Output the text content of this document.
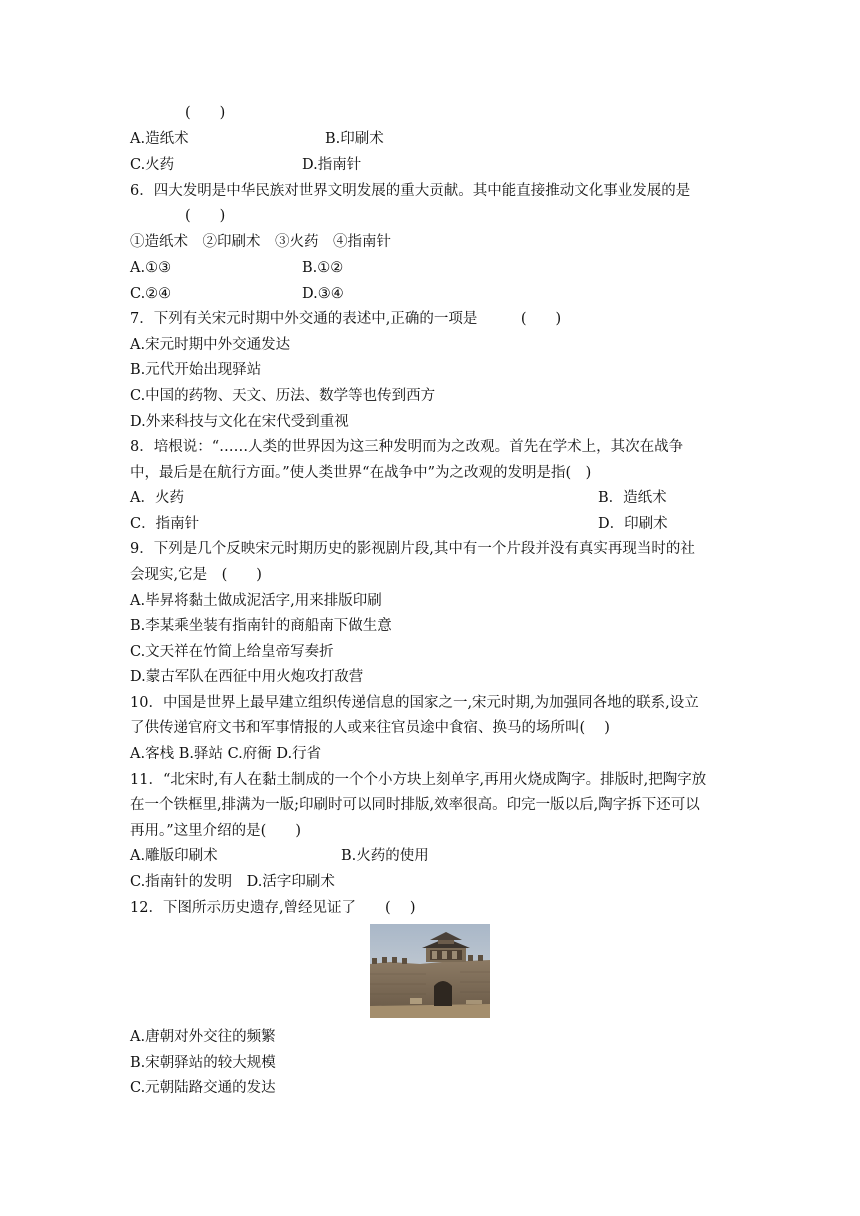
(　　)
A.造纸术	B.印刷术
C.火药	D.指南针
6．四大发明是中华民族对世界文明发展的重大贡献。其中能直接推动文化事业发展的是
(　　)
①造纸术　②印刷术　③火药　④指南针
A.①③	B.①②
C.②④	D.③④
7．下列有关宋元时期中外交通的表述中,正确的一项是　　　(　　)
A.宋元时期中外交通发达
B.元代开始出现驿站
C.中国的药物、天文、历法、数学等也传到西方
D.外来科技与文化在宋代受到重视
8．培根说：“……人类的世界因为这三种发明而为之改观。首先在学术上，其次在战争
中，最后是在航行方面。”使人类世界“在战争中”为之改观的发明是指(　)
A．火药	B．造纸术
C．指南针	D．印刷术
9．下列是几个反映宋元时期历史的影视剧片段,其中有一个片段并没有真实再现当时的社
会现实,它是　(　　)
A.毕昇将黏土做成泥活字,用来排版印刷
B.李某乘坐装有指南针的商船南下做生意
C.文天祥在竹简上给皇帝写奏折
D.蒙古军队在西征中用火炮攻打敌营
10．中国是世界上最早建立组织传递信息的国家之一,宋元时期,为加强同各地的联系,设立
了供传递官府文书和军事情报的人或来往官员途中食宿、换马的场所叫(　 )
A.客栈 B.驿站 C.府衙 D.行省
11．“北宋时,有人在黏土制成的一个个小方块上刻单字,再用火烧成陶字。排版时,把陶字放
在一个铁框里,排满为一版;印刷时可以同时排版,效率很高。印完一版以后,陶字拆下还可以
再用。”这里介绍的是(　　)
A.雕版印刷术	B.火药的使用
C.指南针的发明　D.活字印刷术
12．下图所示历史遗存,曾经见证了　　(　 )
A.唐朝对外交往的频繁
B.宋朝驿站的较大规模
C.元朝陆路交通的发达
